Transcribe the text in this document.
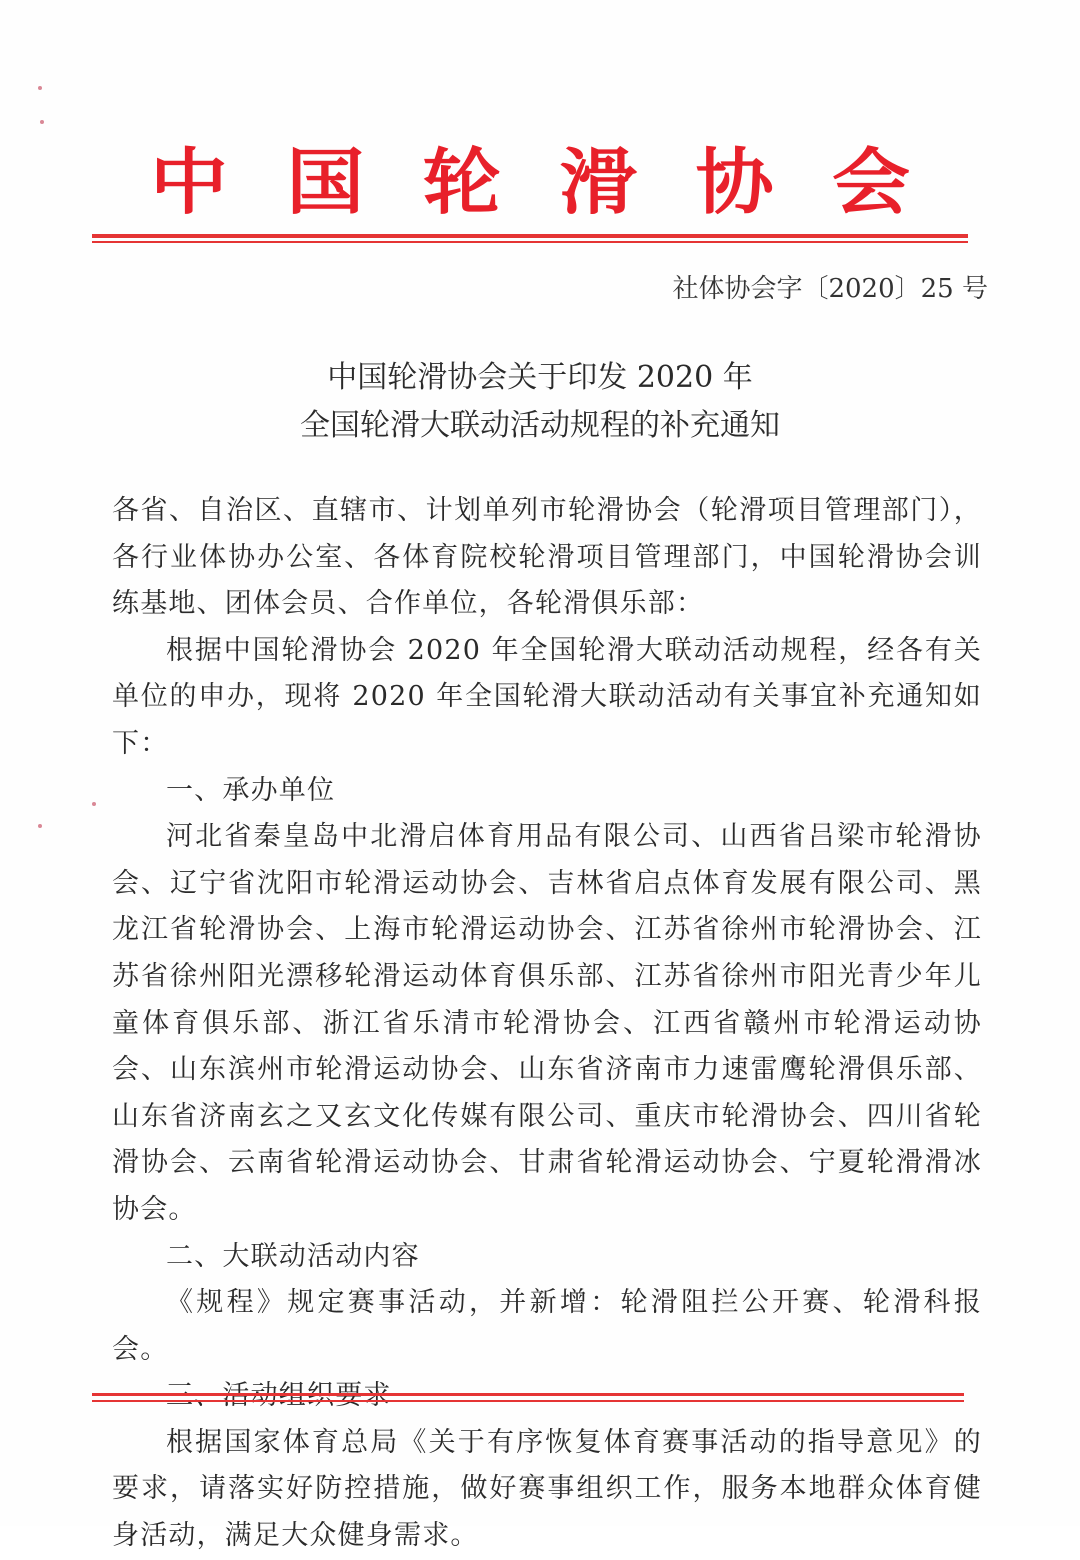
中 国 轮 滑 协 会
社体协会字〔2020〕25 号
中国轮滑协会关于印发 2020 年
全国轮滑大联动活动规程的补充通知

各省、自治区、直辖市、计划单列市轮滑协会（轮滑项目管理部门），各行业体协办公室、各体育院校轮滑项目管理部门，中国轮滑协会训练基地、团体会员、合作单位，各轮滑俱乐部：

根据中国轮滑协会 2020 年全国轮滑大联动活动规程，经各有关单位的申办，现将 2020 年全国轮滑大联动活动有关事宜补充通知如下：

一、承办单位

河北省秦皇岛中北滑启体育用品有限公司、山西省吕梁市轮滑协会、辽宁省沈阳市轮滑运动协会、吉林省启点体育发展有限公司、黑龙江省轮滑协会、上海市轮滑运动协会、江苏省徐州市轮滑协会、江苏省徐州阳光漂移轮滑运动体育俱乐部、江苏省徐州市阳光青少年儿童体育俱乐部、浙江省乐清市轮滑协会、江西省赣州市轮滑运动协会、山东滨州市轮滑运动协会、山东省济南市力速雷鹰轮滑俱乐部、山东省济南玄之又玄文化传媒有限公司、重庆市轮滑协会、四川省轮滑协会、云南省轮滑运动协会、甘肃省轮滑运动协会、宁夏轮滑滑冰协会。

二、大联动活动内容

《规程》规定赛事活动，并新增：轮滑阻拦公开赛、轮滑科报会。

根据国家体育总局《关于有序恢复体育赛事活动的指导意见》的要求，请落实好防控措施，做好赛事组织工作，服务本地群众体育健身活动，满足大众健身需求。
